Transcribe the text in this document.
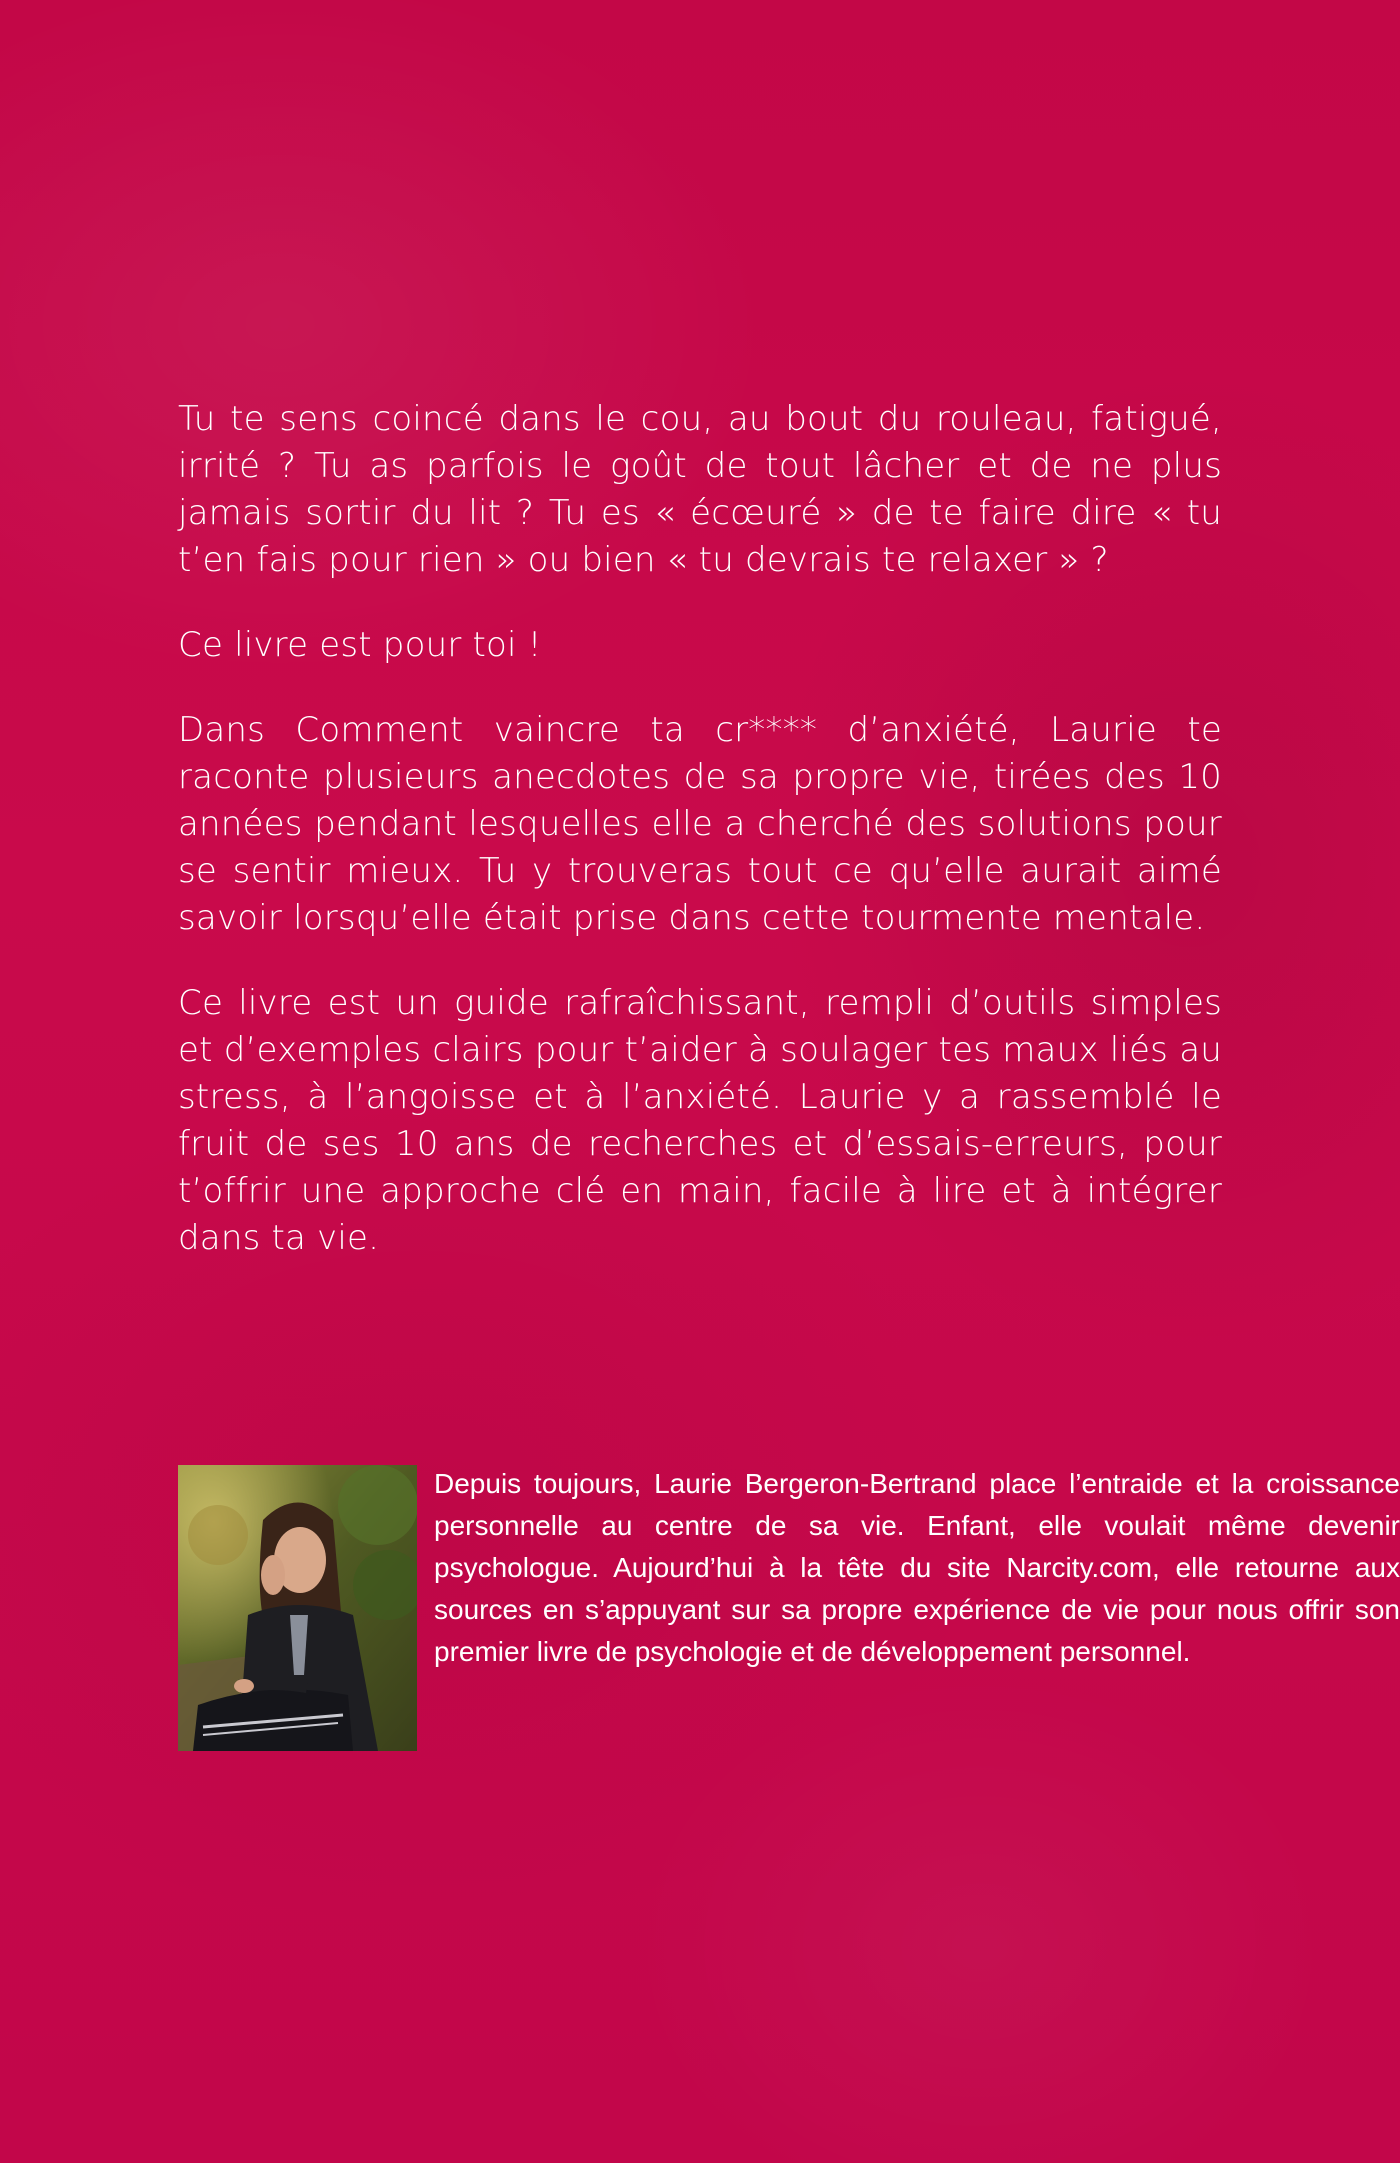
Tu te sens coincé dans le cou, au bout du rouleau, fatigué, irrité ? Tu as parfois le goût de tout lâcher et de ne plus jamais sortir du lit ? Tu es « écœuré » de te faire dire « tu t’en fais pour rien » ou bien « tu devrais te relaxer » ?

Ce livre est pour toi !

Dans Comment vaincre ta cr**** d’anxiété, Laurie te raconte plusieurs anecdotes de sa propre vie, tirées des 10 années pendant lesquelles elle a cherché des solutions pour se sentir mieux. Tu y trouveras tout ce qu’elle aurait aimé savoir lorsqu’elle était prise dans cette tourmente mentale.

Ce livre est un guide rafraîchissant, rempli d’outils simples et d’exemples clairs pour t’aider à soulager tes maux liés au stress, à l’angoisse et à l’anxiété. Laurie y a rassemblé le fruit de ses 10 ans de recherches et d’essais-erreurs, pour t’offrir une approche clé en main, facile à lire et à intégrer dans ta vie.

Depuis toujours, Laurie Bergeron-Bertrand place l’entraide et la croissance personnelle au centre de sa vie. Enfant, elle voulait même devenir psychologue. Aujourd’hui à la tête du site Narcity.com, elle retourne aux sources en s’appuyant sur sa propre expérience de vie pour nous offrir son premier livre de psychologie et de développement personnel.
